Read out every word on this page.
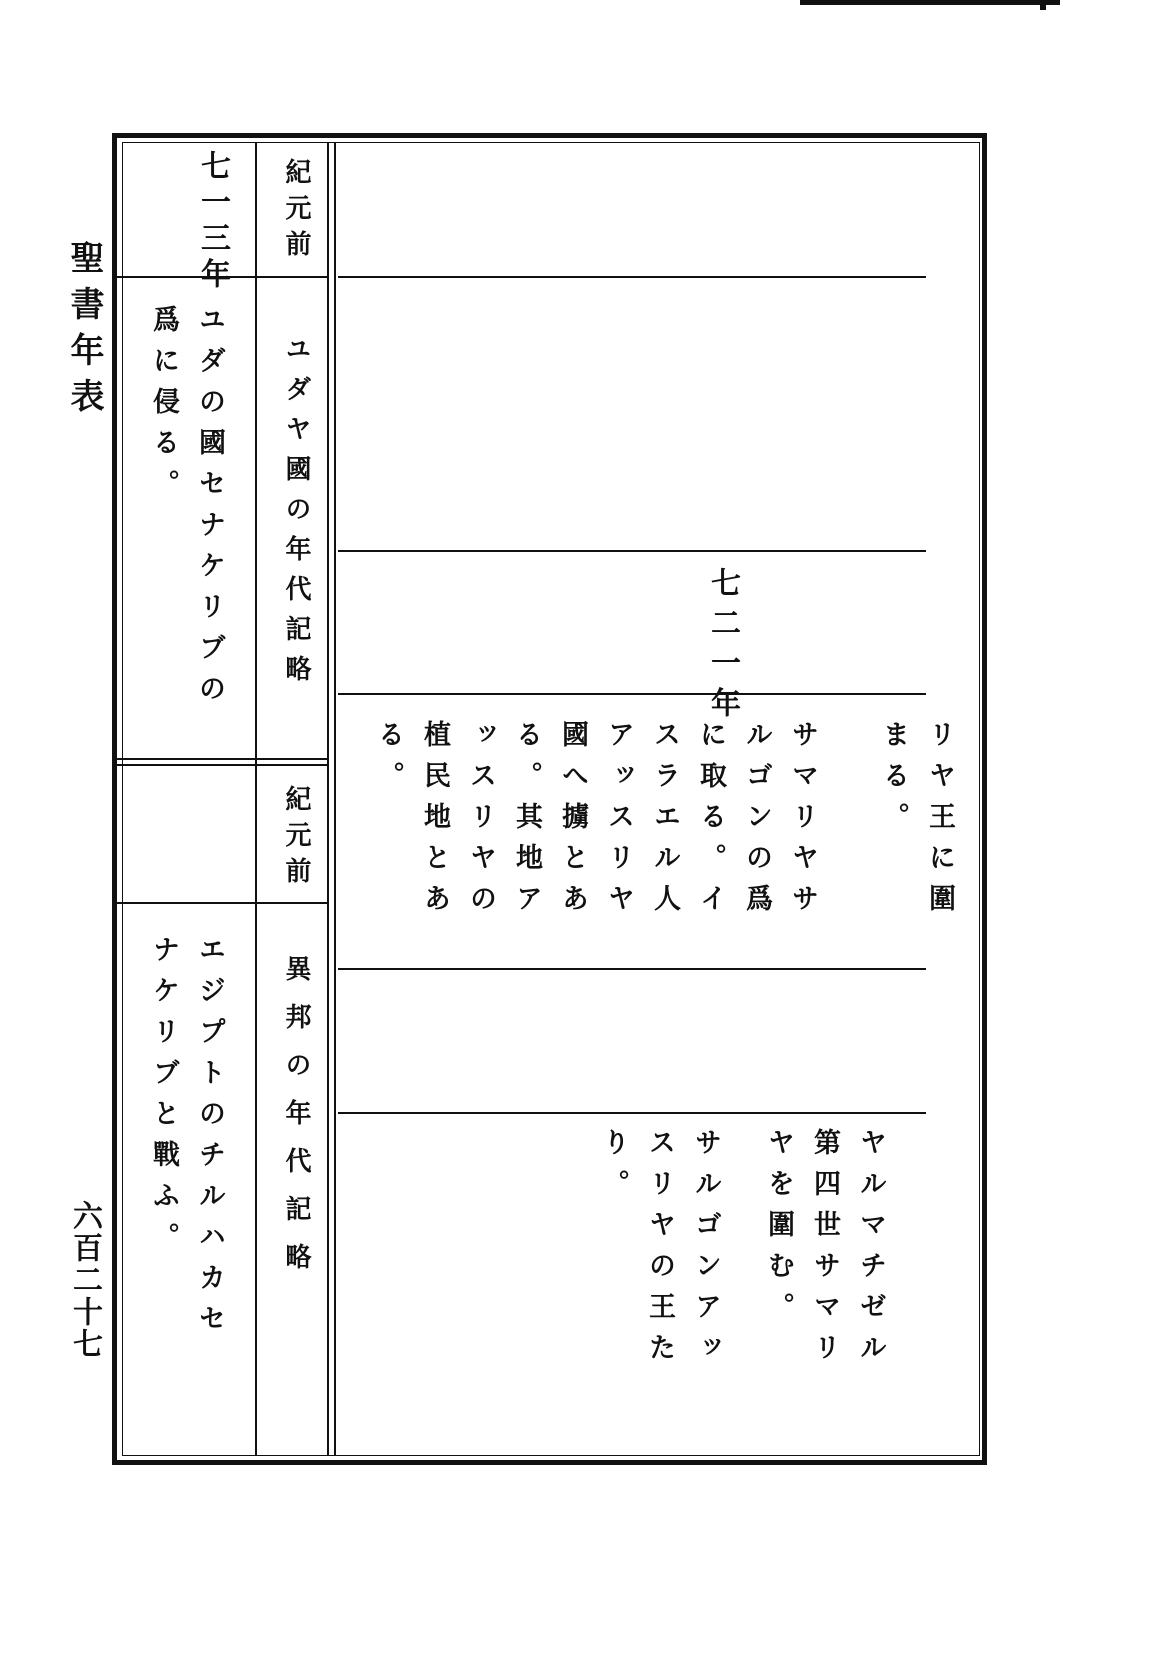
聖書年表
六百二十七
紀元前
七一三年
ユダヤ國の年代記略
ユダの國セナケリブの爲に侵る。
紀元前
異邦の年代記略
エジプトのチルハカセナケリブと戰ふ。
七二一年
リヤ王に圍まる。
サマリヤサルゴンの爲に取る。イスラエル人アッスリヤ國へ擄とある。其地アッスリヤの植民地とある。
ヤルマチゼル第四世サマリヤを圍む。
サルゴンアッスリヤの王たり。
